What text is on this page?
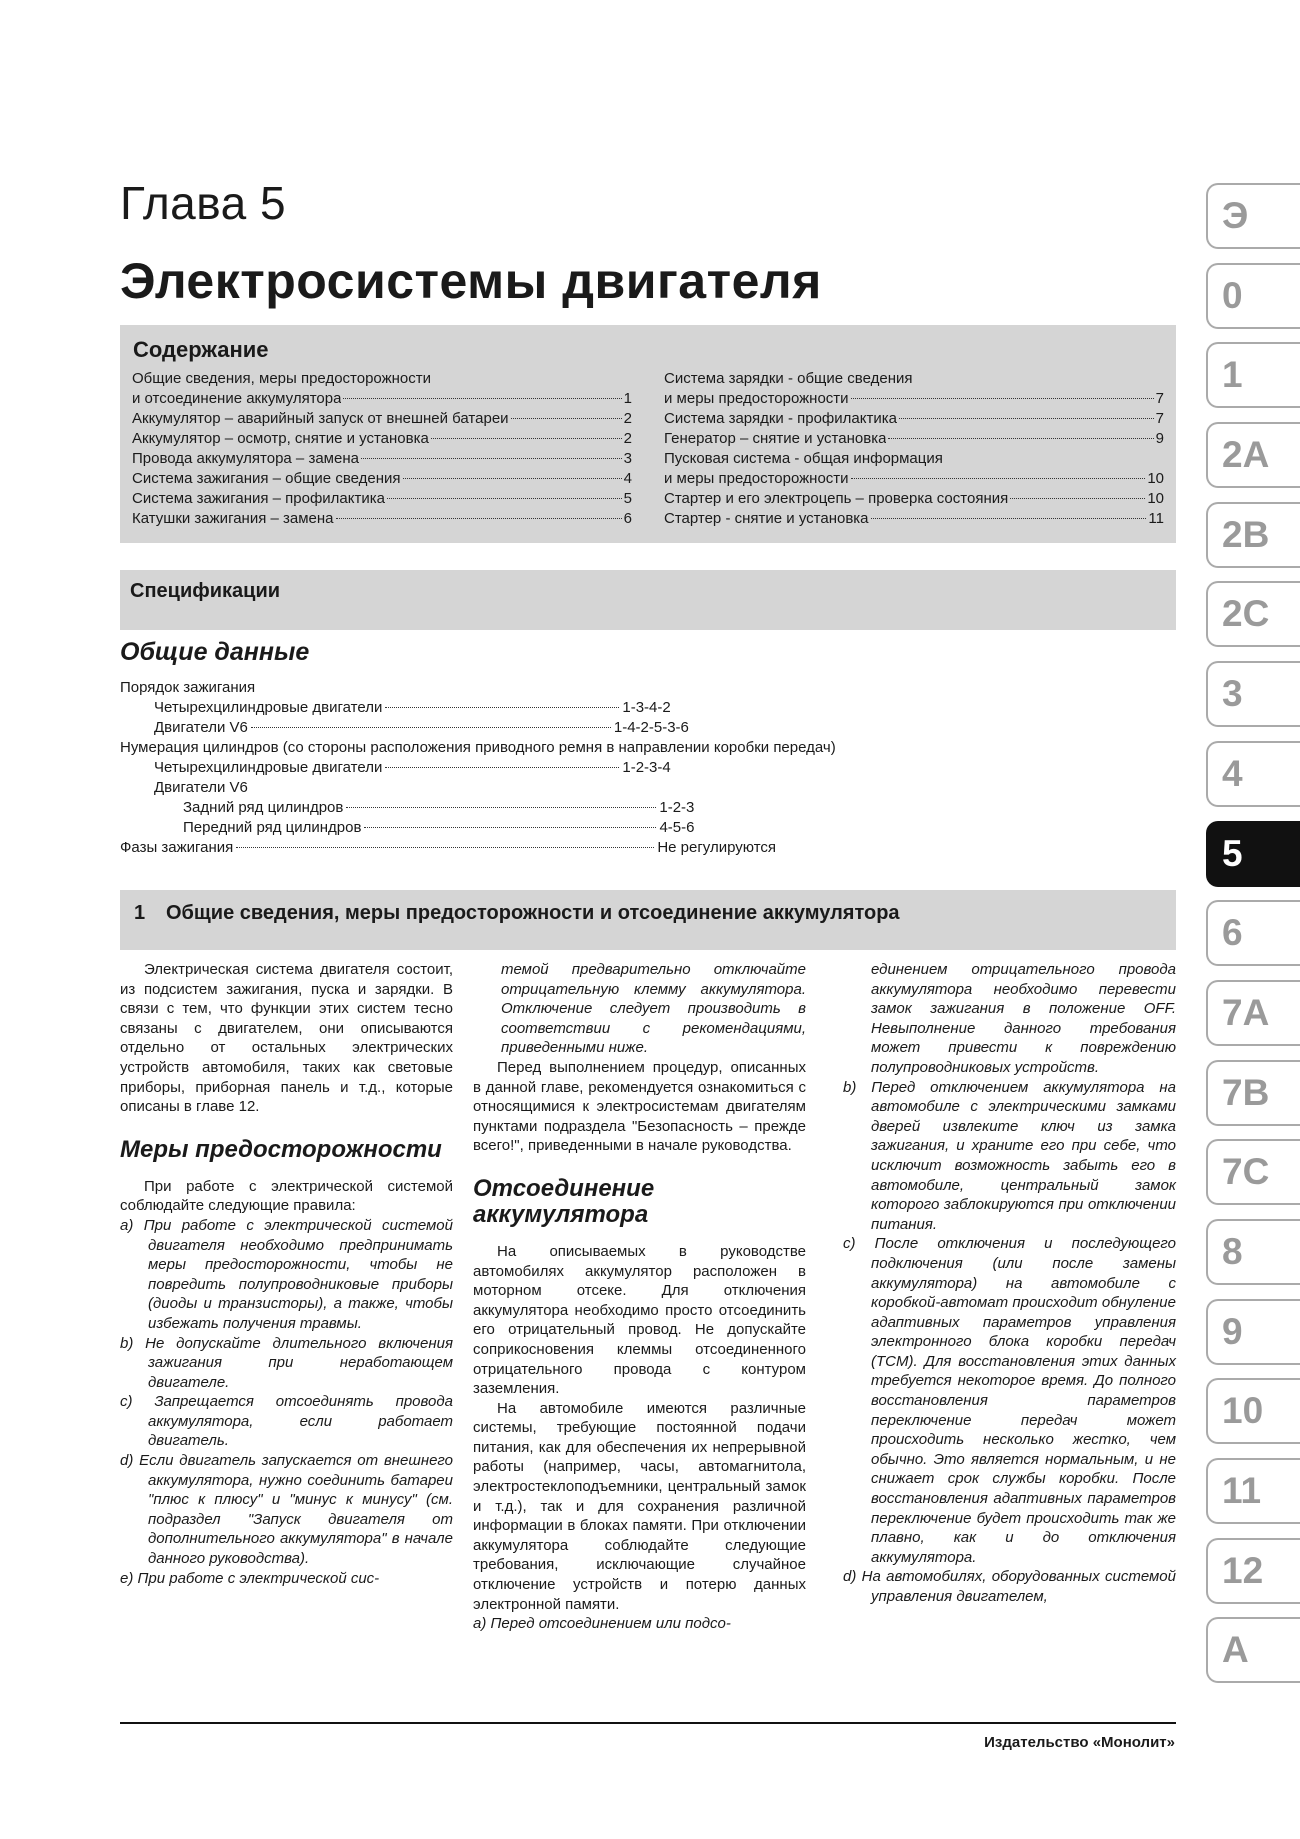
Глава 5
Электросистемы двигателя
Содержание
Общие сведения, меры предосторожности
и отсоединение аккумулятора	1
Аккумулятор – аварийный запуск от внешней батареи	2
Аккумулятор – осмотр, снятие и установка	2
Провода аккумулятора – замена	3
Система зажигания – общие сведения	4
Система зажигания – профилактика	5
Катушки зажигания – замена	6
Система зарядки - общие сведения
и меры предосторожности	7
Система зарядки - профилактика	7
Генератор – снятие и установка	9
Пусковая система - общая информация
и меры предосторожности	10
Стартер и его электроцепь – проверка состояния	10
Стартер - снятие и установка	11
Спецификации
Общие данные
Порядок зажигания
Четырехцилиндровые двигатели	1-3-4-2
Двигатели V6	1-4-2-5-3-6
Нумерация цилиндров (со стороны расположения приводного ремня в направлении коробки передач)
Четырехцилиндровые двигатели	1-2-3-4
Двигатели V6
Задний ряд цилиндров	1-2-3
Передний ряд цилиндров	4-5-6
Фазы зажигания	Не регулируются
1 Общие сведения, меры предосторожности и отсоединение аккумулятора

Электрическая система двигателя состоит, из подсистем зажигания, пуска и зарядки. В связи с тем, что функции этих систем тесно связаны с двигателем, они описываются отдельно от остальных электрических устройств автомобиля, таких как световые приборы, приборная панель и т.д., которые описаны в главе 12.

Меры предосторожности

При работе с электрической системой соблюдайте следующие правила:

a) При работе с электрической системой двигателя необходимо предпринимать меры предосторожности, чтобы не повредить полупроводниковые приборы (диоды и транзисторы), а также, чтобы избежать получения травмы.

b) Не допускайте длительного включения зажигания при неработающем двигателе.

c) Запрещается отсоединять провода аккумулятора, если работает двигатель.

d) Если двигатель запускается от внешнего аккумулятора, нужно соединить батареи "плюс к плюсу" и "минус к минусу" (см. подраздел "Запуск двигателя от дополнительного аккумулятора" в начале данного руководства).

e) При работе с электрической сис-

темой предварительно отключайте отрицательную клемму аккумулятора. Отключение следует производить в соответствии с рекомендациями, приведенными ниже.

Перед выполнением процедур, описанных в данной главе, рекомендуется ознакомиться с относящимися к электросистемам двигателям пунктами подраздела "Безопасность – прежде всего!", приведенными в начале руководства.

Отсоединение аккумулятора

На описываемых в руководстве автомобилях аккумулятор расположен в моторном отсеке. Для отключения аккумулятора необходимо просто отсоединить его отрицательный провод. Не допускайте соприкосновения клеммы отсоединенного отрицательного провода с контуром заземления.

На автомобиле имеются различные системы, требующие постоянной подачи питания, как для обеспечения их непрерывной работы (например, часы, автомагнитола, электростеклоподъемники, центральный замок и т.д.), так и для сохранения различной информации в блоках памяти. При отключении аккумулятора соблюдайте следующие требования, исключающие случайное отключение устройств и потерю данных электронной памяти.

a) Перед отсоединением или подсо-

единением отрицательного провода аккумулятора необходимо перевести замок зажигания в положение OFF. Невыполнение данного требования может привести к повреждению полупроводниковых устройств.

b) Перед отключением аккумулятора на автомобиле с электрическими замками дверей извлеките ключ из замка зажигания, и храните его при себе, что исключит возможность забыть его в автомобиле, центральный замок которого заблокируются при отключении питания.

c) После отключения и последующего подключения (или после замены аккумулятора) на автомобиле с коробкой-автомат происходит обнуление адаптивных параметров управления электронного блока коробки передач (TCM). Для восстановления этих данных требуется некоторое время. До полного восстановления параметров переключение передач может происходить несколько жестко, чем обычно. Это является нормальным, и не снижает срок службы коробки. После восстановления адаптивных параметров переключение будет происходить так же плавно, как и до отключения аккумулятора.

d) На автомобилях, оборудованных системой управления двигателем,

Издательство «Монолит»
Э
0
1
2A
2B
2C
3
4
5
6
7A
7B
7C
8
9
10
11
12
A
